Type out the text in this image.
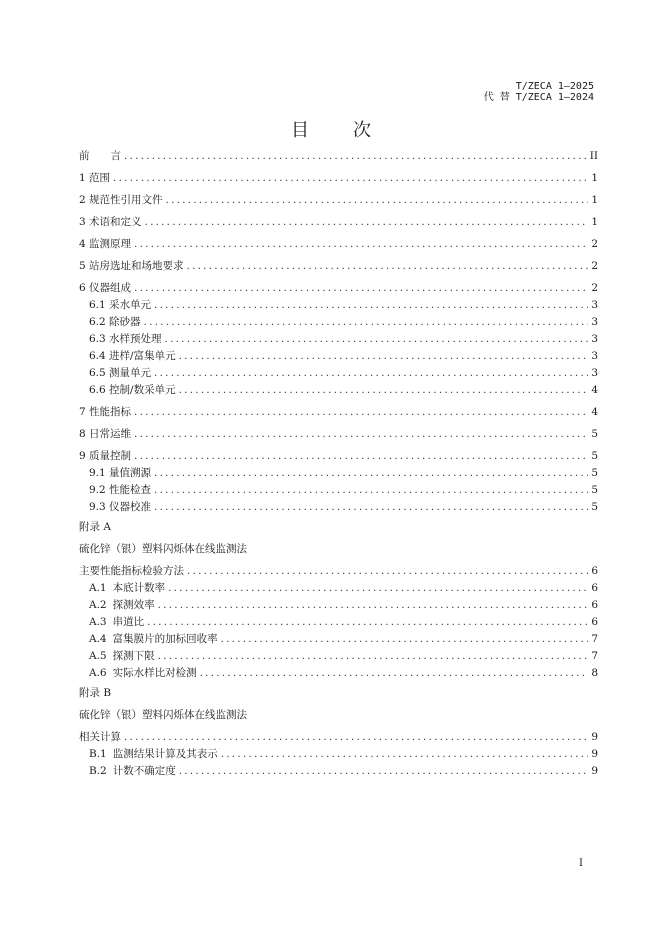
T/ZECA 1—2025
代 替 T/ZECA 1—2024
目次
前　　言 .....	II
1 范围 .....	1
2 规范性引用文件 .....	1
3 术语和定义 .....	1
4 监测原理 .....	2
5 站房选址和场地要求 .....	2
6 仪器组成 .....	2
6.1 采水单元 .....	3
6.2 除砂器 .....	3
6.3 水样预处理 .....	3
6.4 进样/富集单元 .....	3
6.5 测量单元 .....	3
6.6 控制/数采单元 .....	4
7 性能指标 .....	4
8 日常运维 .....	5
9 质量控制 .....	5
9.1 量值溯源 .....	5
9.2 性能检查 .....	5
9.3 仪器校准 .....	5
附录 A
硫化锌（银）塑料闪烁体在线监测法
主要性能指标检验方法 .....	6
A.1 本底计数率 .....	6
A.2 探测效率 .....	6
A.3 串道比 .....	6
A.4 富集膜片的加标回收率 .....	7
A.5 探测下限 .....	7
A.6 实际水样比对检测 .....	8
附录 B
硫化锌（银）塑料闪烁体在线监测法
相关计算 .....	9
B.1 监测结果计算及其表示 .....	9
B.2 计数不确定度 .....	9
I
